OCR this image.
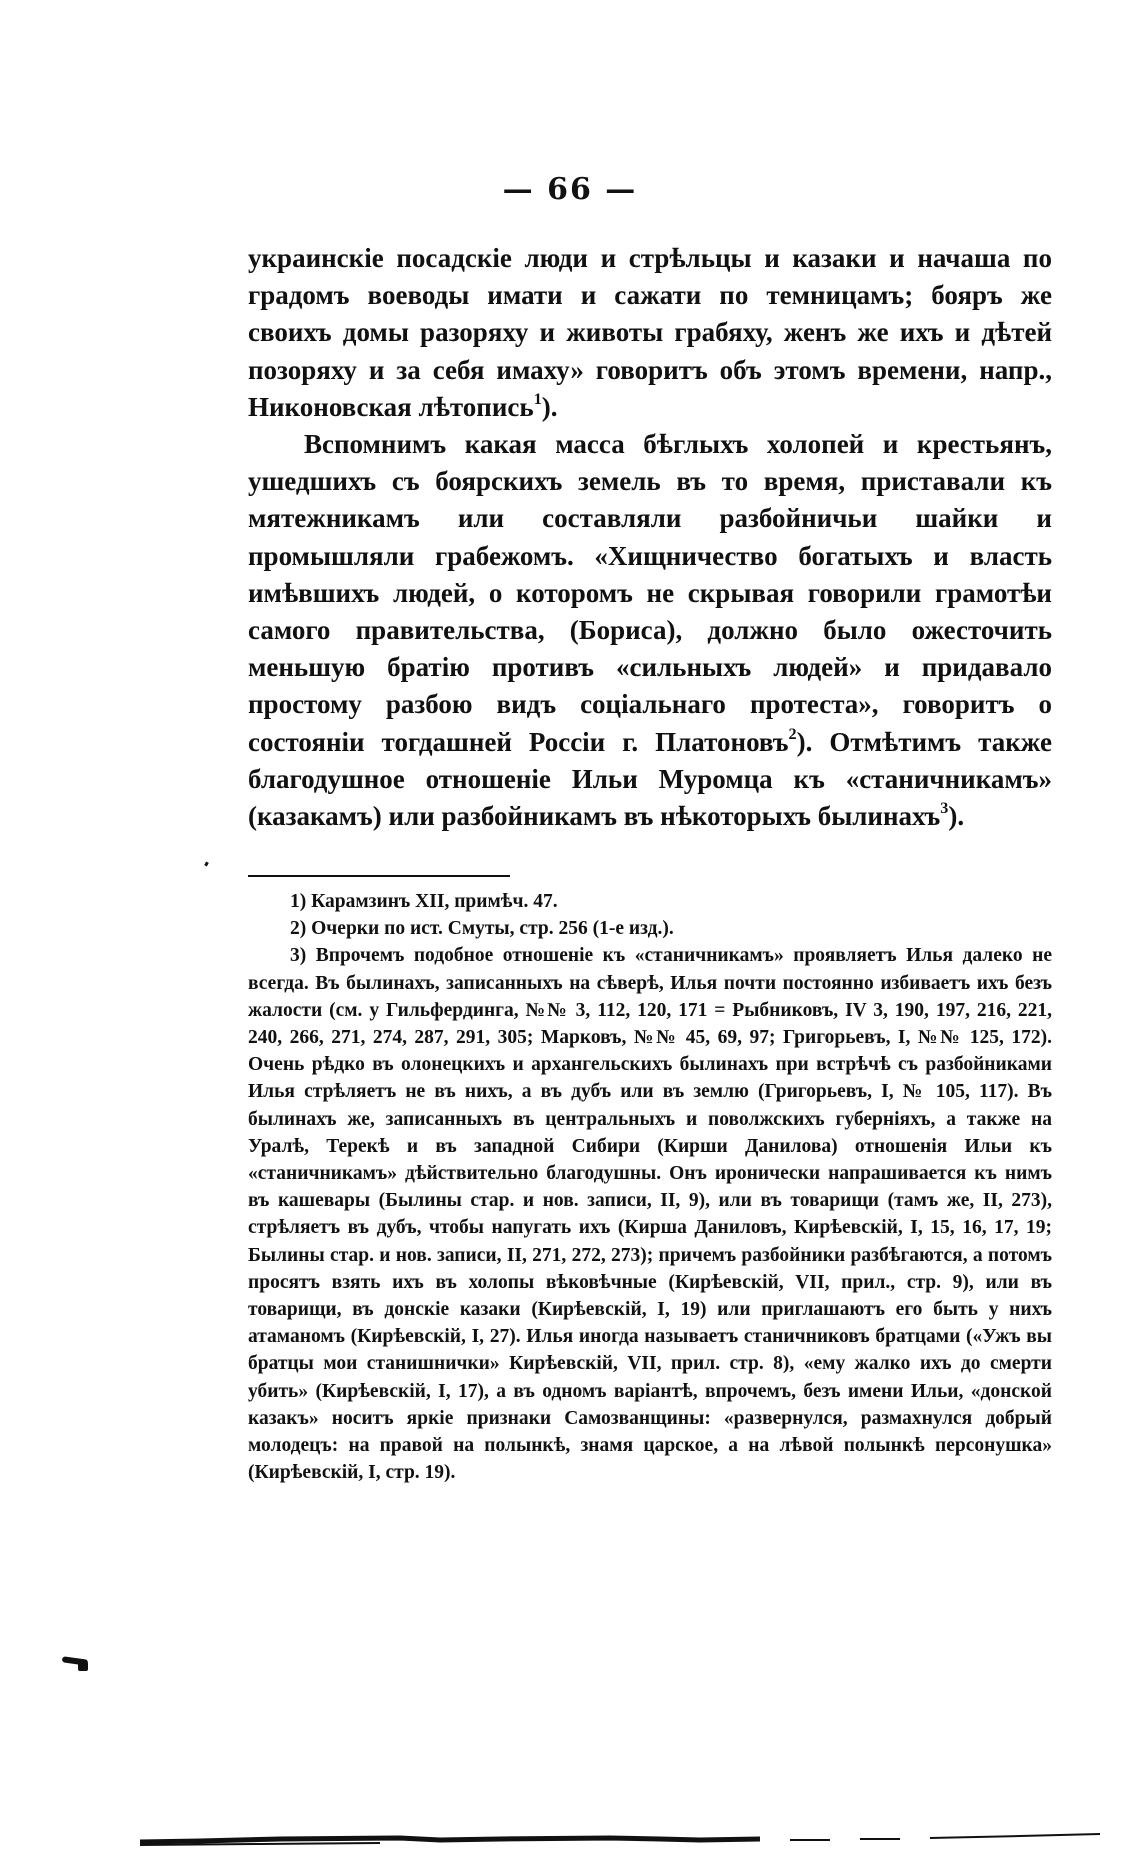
— 66 —

украинскіе посадскіе люди и стрѣльцы и казаки и начаша по градомъ воеводы имати и сажати по темницамъ; бояръ же своихъ домы разоряху и животы грабяху, женъ же ихъ и дѣтей позоряху и за себя имаху» говоритъ объ этомъ времени, напр., Никоновская лѣтопись$^1$).

Вспомнимъ какая масса бѣглыхъ холопей и крестьянъ, ушедшихъ съ боярскихъ земель въ то время, приставали къ мятежникамъ или составляли разбойничьи шайки и промышляли грабежомъ. «Хищничество богатыхъ и власть имѣвшихъ людей, о которомъ не скрывая говорили грамотѣи самого правительства, (Бориса), должно было ожесточить меньшую братію противъ «сильныхъ людей» и придавало простому разбою видъ соціальнаго протеста», говоритъ о состояніи тогдашней Россіи г. Платоновъ$^2$). Отмѣтимъ также благодушное отношеніе Ильи Муромца къ «станичникамъ» (казакамъ) или разбойникамъ въ нѣкоторыхъ былинахъ$^3$).

1) Карамзинъ XII, примѣч. 47.

2) Очерки по ист. Смуты, стр. 256 (1-е изд.).

3) Впрочемъ подобное отношеніе къ «станичникамъ» проявляетъ Илья далеко не всегда. Въ былинахъ, записанныхъ на сѣверѣ, Илья почти постоянно избиваетъ ихъ безъ жалости (см. у Гильфердинга, №№ 3, 112, 120, 171 = Рыбниковъ, IV 3, 190, 197, 216, 221, 240, 266, 271, 274, 287, 291, 305; Марковъ, №№ 45, 69, 97; Григорьевъ, I, №№ 125, 172). Очень рѣдко въ олонецкихъ и архангельскихъ былинахъ при встрѣчѣ съ разбойниками Илья стрѣляетъ не въ нихъ, а въ дубъ или въ землю (Григорьевъ, I, № 105, 117). Въ былинахъ же, записанныхъ въ центральныхъ и поволжскихъ губерніяхъ, а также на Уралѣ, Терекѣ и въ западной Сибири (Кирши Данилова) отношенія Ильи къ «станичникамъ» дѣйствительно благодушны. Онъ иронически напрашивается къ нимъ въ кашевары (Былины стар. и нов. записи, II, 9), или въ товарищи (тамъ же, II, 273), стрѣляетъ въ дубъ, чтобы напугать ихъ (Кирша Даниловъ, Кирѣевскій, I, 15, 16, 17, 19; Былины стар. и нов. записи, II, 271, 272, 273); причемъ разбойники разбѣгаются, а потомъ просятъ взять ихъ въ холопы вѣковѣчные (Кирѣевскій, VII, прил., стр. 9), или въ товарищи, въ донскіе казаки (Кирѣевскій, I, 19) или приглашаютъ его быть у нихъ атаманомъ (Кирѣевскій, I, 27). Илья иногда называетъ станичниковъ братцами («Ужъ вы братцы мои станишнички» Кирѣевскій, VII, прил. стр. 8), «ему жалко ихъ до смерти убить» (Кирѣевскій, I, 17), а въ одномъ варіантѣ, впрочемъ, безъ имени Ильи, «донской казакъ» носитъ яркіе признаки Самозванщины: «развернулся, размахнулся добрый молодецъ: на правой на полынкѣ, знамя царское, а на лѣвой полынкѣ персонушка» (Кирѣевскій, I, стр. 19).
